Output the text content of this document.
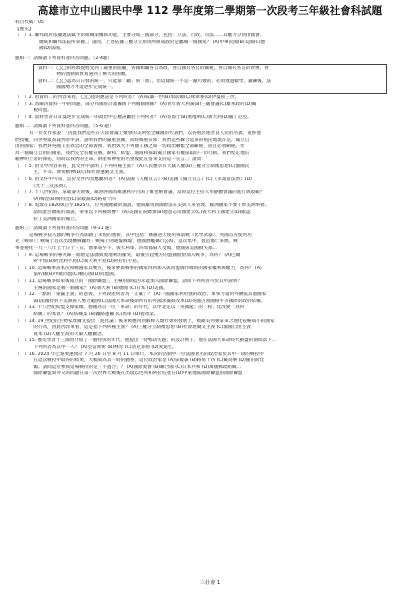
高雄市立中山國民中學 112 學年度第二學期第一次段考三年級社會科試題
科目代碼：05
【歷史】
（　）1. 聯邦政府依據憲法賦予的組織架構與功能，主要分成三個部分，包括：立法、行政、司法……其權力分別由國會、
總統和聯邦法院所掌握。」請問，上述依據三權分立原則所組成政府是屬哪一個國家？ (A)中華民國(B)美國(C)德
國(D)法國。
題組一：請閱讀下列資料並回答問題。（2-4題）
資料一：◯◯的經濟復甦受到了嚴重的阻礙，各國相繼各自為政，各自國有各自的關稅，各自國有各自的貨幣，貨
　　　　物的流動與貿易遇到了極大的困難。
資料二：◯◯認為日日發的統一，只能靠「鐵」與「血」，但這樣統一不是一蹴可幾的，必須透過數學，鍛鍊後，法
　　　　國國勢力才能逐步完成統一。
（　）2. 由資料二的內容來看，◯◯指的應該是下列何者？ (A)威廉一世(B)加富爾(C)俾斯麥(D)伊曼紐三世。
（　）3. 為解決資料一中的問題，部分邦國曾計畫籌組下列哪個組織？ (A)青年義大利黨(B)三級會議(C)雄邦政府(D)關
　　　　稅同盟。
（　）4. 資料學者日耳曼逐步完成統一的政治中心應該屬於下列何者？ (A)普魯士(B)奧地利(C)義大利(D)薩丁尼亞。
題組二：請閱讀下列資料並回答問題。（5-6 題）
有一位女作家說：「因此我們這些在大陸會議上聚會的美利堅全聯國的代表們，以各殖民地善良人民的名義，並經他
們授權，向世界最高裁判者申訴，說明我們的嚴重意圖，同時鄭重宣佈：我們這些聯合起來的殖民地現在是，獨立自
由的國家；我們對英國王室效忠的全部義務，我們與大不列顛王國之間一切政治聯繫全部斷絕，而且必須斷絕。作
為一個獨立自由的國家，我們完全有權宣戰、締和、結盟、通商和採取獨立國家有權採取的一切行動。我們堅定地信
賴神明上帝的保佑，同時以我們的生命、財產和神聖的名譽彼此宣誓來支持這一宣言。」請問：
（　）5. 由文中內容來看，此文件中說明了下列何種主張？ (A)人民應享有天賦人權(B)三權分立制衡思想(C)激國民
　　　　主、平等、博愛精神(D)自釋社會運動文主義。
（　）6. 由文件中可知，這份文件內容應屬何者？ (A)法國《人權宣言》(B)美國《獨立宣言》(C)《永遠富法典》(D)
　　　　《光十三宣法典》。
（　）7. 十八世紀時，拿破崙失敗後，歐洲各國為維護秩序召開了維也納會議，當時這位主持人奉靜體會議的進行與規範？
　　　　(A)梅涅(B)梅特涅(C)拿破崙(D)路易十四
（　）8. 電燈在1820與首至1825年，位英國總鍵的演說，他與羅馬與國際法在美與人來管理、歐洲國家不要干涉美洲事務。
　　　　請問此位總統的演說，帶來以下何種影響？ (A)美國在南總領(B)德意志帝國建立(C)義大利王國建立(D)歐認
　　　　拉丁美洲國家的獨立。
題組三：請閱讀下列資料並回答問題（9-11 題）
這場戰爭侵入類的戰爭行為開啟了永恆的重新，其中包括：修羅逆天使用毒氣戰（化學武器）、英國首先使用坦
克（戰車）」戰場上首次出現機戰轟炸」戰場上則通盤戰壕；德國潛艦攜行公海；這次集中，製造傷亡來源，戰
事並變化一九一八年七十日十三日，德軍東至不，義大利軍，四周都殺人受傷，德國與美國損失都…
（　）9. 這場戰爭的導火線一開始是法國與奧地利的衝突，最後引起雙方的盟國紛紛加入戰爭，為何？ (A)巴爾
　　　　幹半島(B)阿比利半島(C)義大利半島(D)阿拉伯半島。
（　）10. 這場戰事該本次和戰國家其雙方，後來參與戰事的國家得到加入與同盟國作戰時的國家權利與權力，為何？ (A)
　　　　協約國(B)中歐同盟(C)軸心國(D)同盟國。
（　）11. 這場戰爭結束後成立的「國際聯盟」，主導的國家因未能加入國際聯盟。請問下列何者可於其中說明？
　　　　主導的國家是哪一個國家？ (A)義大利 (B)德國 (C)日本 (D)美國。
（　）12. 一點的「東瀛主義」的意義，下列敘述何者為「正確」？ (A)一國國家利用強的政治、軍事力量對外擴張其他國家
　　　　(B)法國特對下美洲與人勢力範圍(C)法國大革命後期所有的外國求獨與改革(D)英國占領國相平等國際的政府結構。
（　）13. 十八世紀結盟支撐家維、德國為首一位「革命」的年代，其中北定以「英國龍」的「和」化改變「為何
　　　　結構」的本質？ (A)紡織業 (B)鐵路運輸 (C)馬車 (D)製冰業。
（　）14. 19 世紀的生物家達爾文提出「進化論」後來被應用到解釋人類社會的發展上，被歐美列強拿來合理化侵略弱小的國家
　　　　的行為，由此內容來看，這是指下列何種主義？ (A)三權分立制衡思想 (B)社會達爾文主義 (C)激國自由主義
　　　　資本 (D)人權至高的天賦人權觀念。
（　）15. 歷史學者十三國曾介紹了一個特別的年代，他提出「特勢劫失題」的設計例子，他在法國大革命時代動盪的期間落下…
　　　　下列何者為其中一人？ (A)亞當斯密 (B)林肯 (C)洛克菲勒 (D)愛迪生。
（　）16. 2024 年巴黎奧運預計 7 月 26 日至 8 月 11 日舉行，本次的活動中一位法國著名的政治家於其中一項的戰役中
　　　　在這次戰役中取得的結果，大幅成為其一時的體系，這位政治家是 (A)拿破崙 (B)路易十四 (C)戴高樂 (D)羅伯斯比
　　　　爾。請問這位參與這場戰役的是「不過合」？ (A)國際奧會 (B)聯合國 (C)日本共和 (D)萬國郵政組織…
　　　　國際聯盟與外交的問題在第一次世界大戰後在出現以色列和阿拉伯並在(D)中東地區國際聯盟的國際聯盟
三社會 1
